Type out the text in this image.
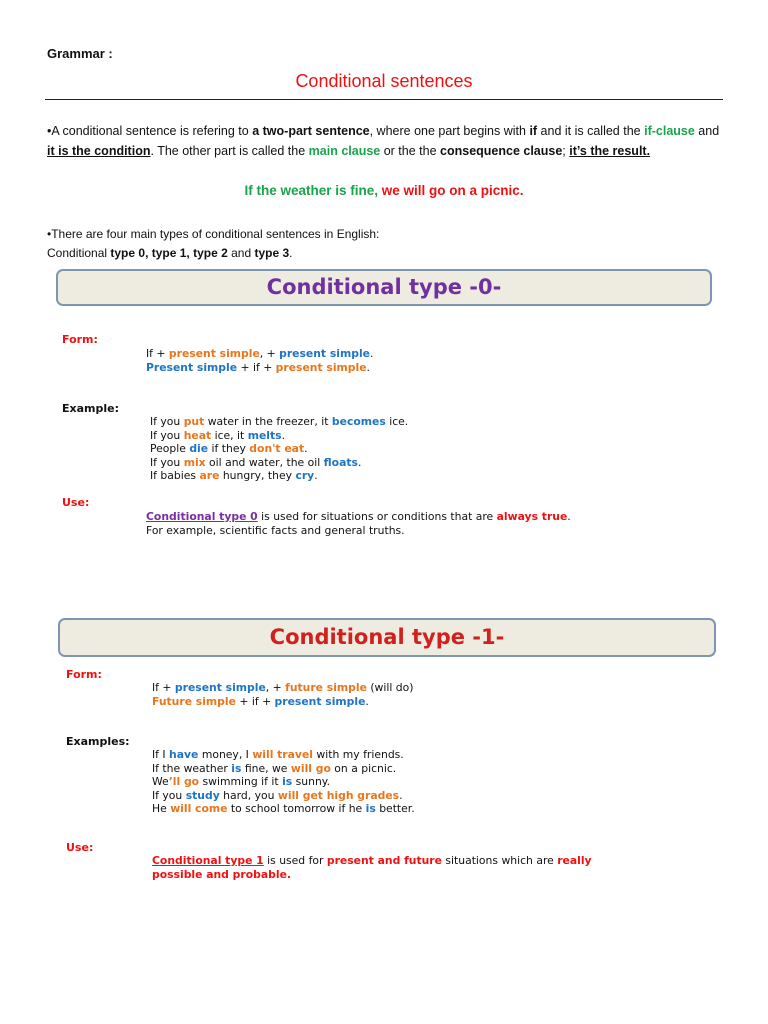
Grammar :
Conditional sentences
•A conditional sentence is refering to a two-part sentence, where one part begins with if and it is called the if-clause and it is the condition. The other part is called the main clause or the the consequence clause; it’s the result.
If the weather is fine, we will go on a picnic.
•There are four main types of conditional sentences in English:
Conditional type 0, type 1, type 2 and type 3.
Conditional type -0-
Form:
If + present simple, + present simple.
Present simple + if + present simple.
Example:
If you put water in the freezer, it becomes ice.
If you heat ice, it melts.
People die if they don't eat.
If you mix oil and water, the oil floats.
If babies are hungry, they cry.
Use:
Conditional type 0 is used for situations or conditions that are always true.
For example, scientific facts and general truths.
Conditional type -1-
Form:
If + present simple, + future simple (will do)
Future simple + if + present simple.
Examples:
If I have money, I will travel with my friends.
If the weather is fine, we will go on a picnic.
We’ll go swimming if it is sunny.
If you study hard, you will get high grades.
He will come to school tomorrow if he is better.
Use:
Conditional type 1 is used for present and future situations which are really
possible and probable.
